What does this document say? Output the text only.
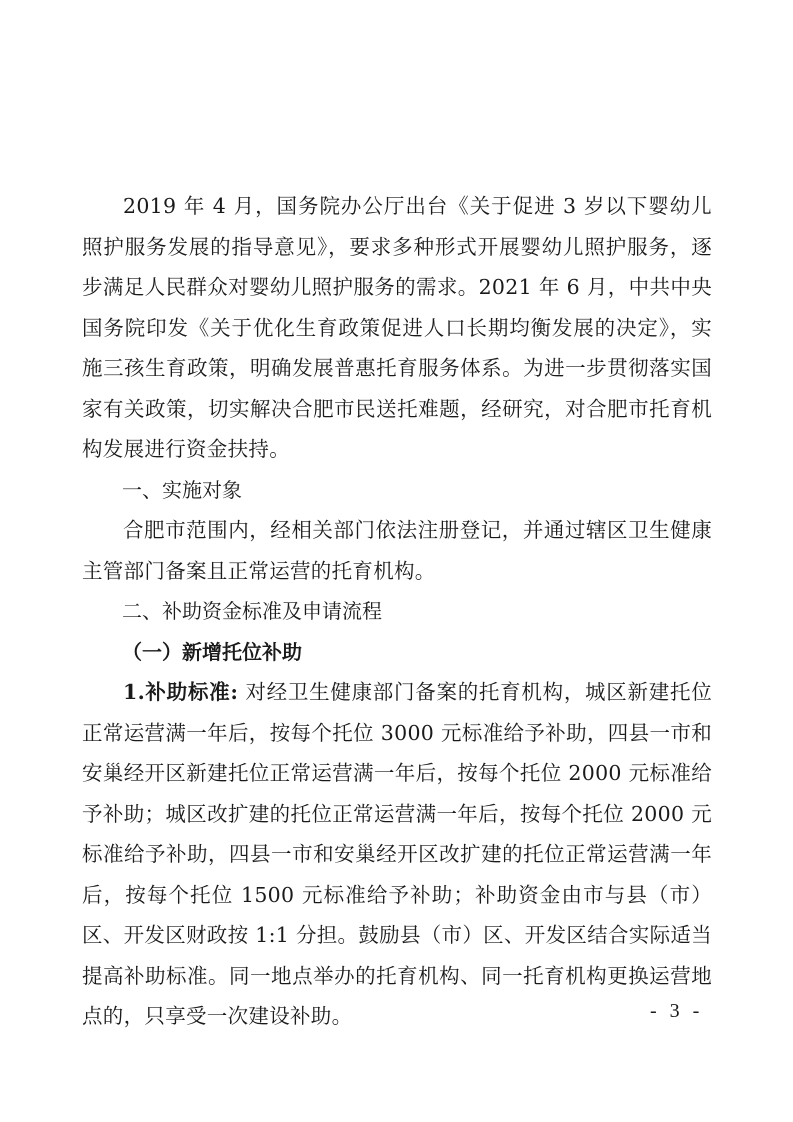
2019 年 4 月，国务院办公厅出台《关于促进 3 岁以下婴幼儿照护服务发展的指导意见》，要求多种形式开展婴幼儿照护服务，逐步满足人民群众对婴幼儿照护服务的需求。2021 年 6 月，中共中央国务院印发《关于优化生育政策促进人口长期均衡发展的决定》，实施三孩生育政策，明确发展普惠托育服务体系。为进一步贯彻落实国家有关政策，切实解决合肥市民送托难题，经研究，对合肥市托育机构发展进行资金扶持。

一、实施对象

合肥市范围内，经相关部门依法注册登记，并通过辖区卫生健康主管部门备案且正常运营的托育机构。

二、补助资金标准及申请流程

（一）新增托位补助

1.补助标准: 对经卫生健康部门备案的托育机构，城区新建托位正常运营满一年后，按每个托位 3000 元标准给予补助，四县一市和安巢经开区新建托位正常运营满一年后，按每个托位 2000 元标准给予补助；城区改扩建的托位正常运营满一年后，按每个托位 2000 元标准给予补助，四县一市和安巢经开区改扩建的托位正常运营满一年后，按每个托位 1500 元标准给予补助；补助资金由市与县（市）区、开发区财政按 1:1 分担。鼓励县（市）区、开发区结合实际适当提高补助标准。同一地点举办的托育机构、同一托育机构更换运营地点的，只享受一次建设补助。	- 3 -
